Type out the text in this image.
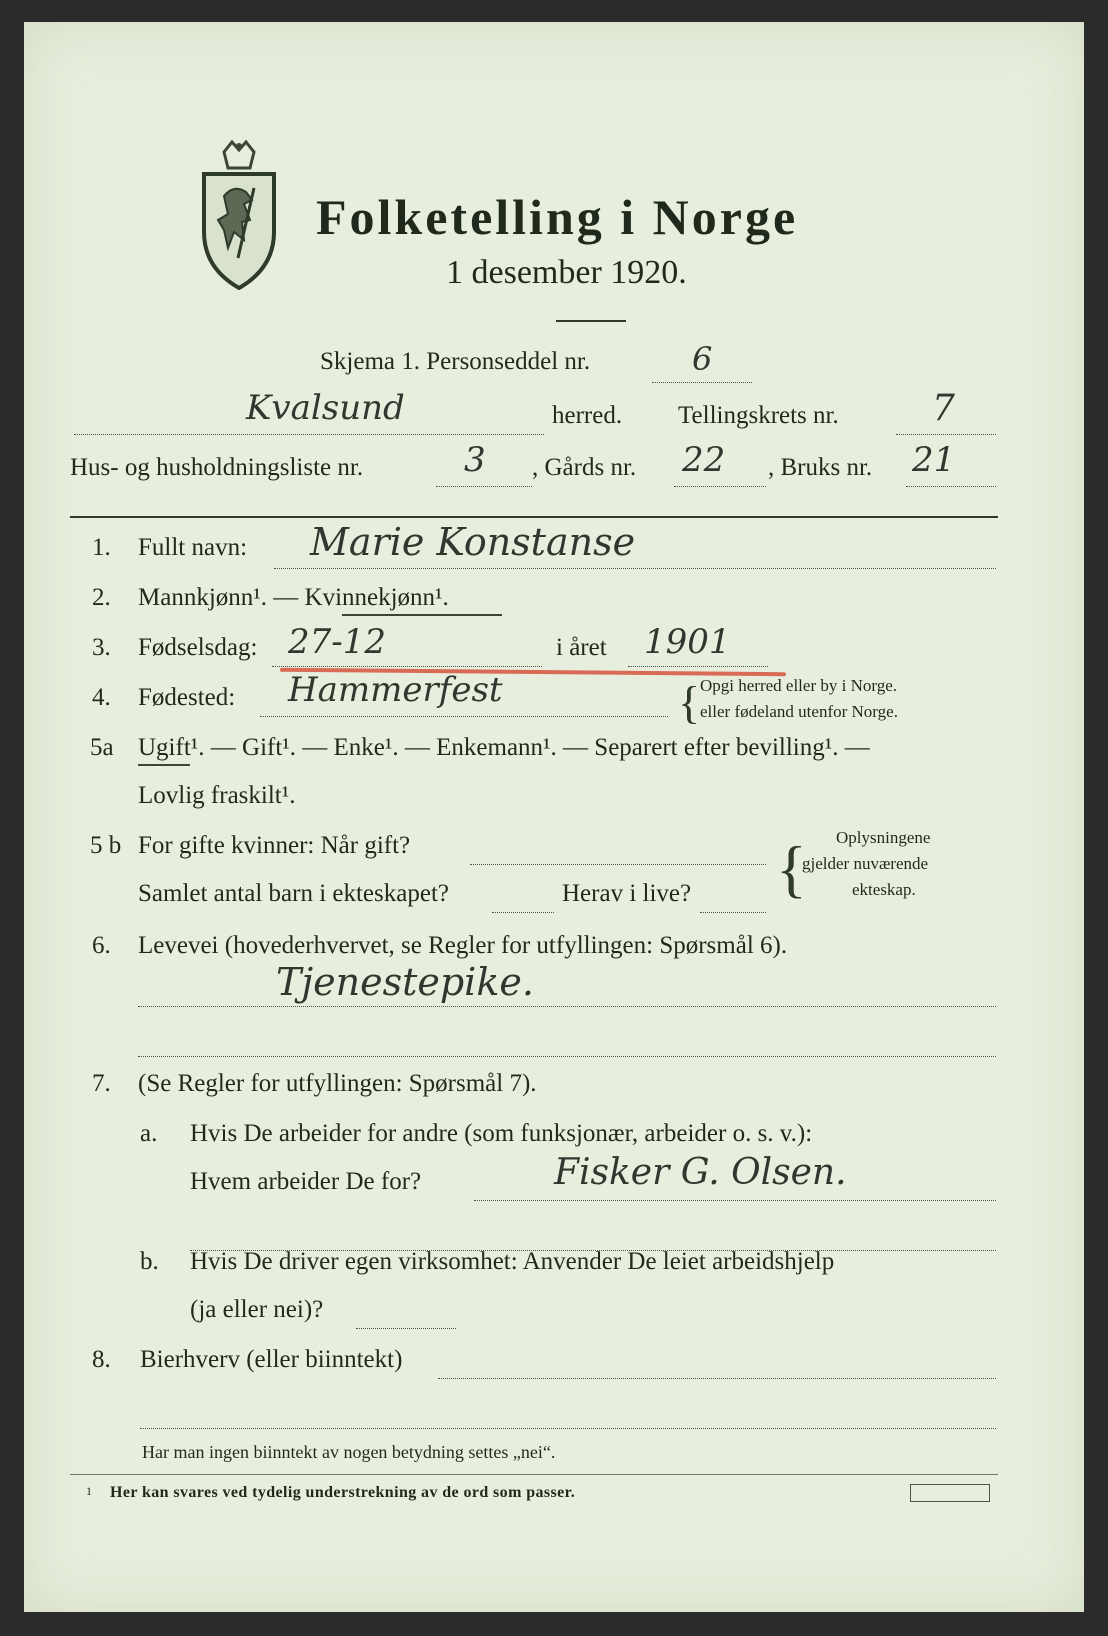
Folketelling i Norge
1 desember 1920.
Skjema 1. Personseddel nr.	6
Kvalsund	herred. Tellingskrets nr.	7
Hus- og husholdningsliste nr.	3 , Gårds nr. 22 , Bruks nr. 21
1. Fullt navn: Marie Konstanse
2. Mannkjønn¹. — Kvinnekjønn¹.
3. Fødselsdag: 27-12	i året 1901
4. Fødested: Hammerfest	{ Opgi herred eller by i Norge.
eller fødeland utenfor Norge.
5a Ugift¹. — Gift¹. — Enke¹. — Enkemann¹. — Separert efter bevilling¹. —
Lovlig fraskilt¹.
5 b For gifte kvinner: Når gift?
Samlet antal barn i ekteskapet?	Herav i live? { Oplysningene
gjelder nuværende
ekteskap.
6. Levevei (hovederhvervet, se Regler for utfyllingen: Spørsmål 6).
Tjenestepike.
7. (Se Regler for utfyllingen: Spørsmål 7).
a. Hvis De arbeider for andre (som funksjonær, arbeider o. s. v.):
Hvem arbeider De for?	Fisker G. Olsen.
b. Hvis De driver egen virksomhet: Anvender De leiet arbeidshjelp
(ja eller nei)?
8. Bierhverv (eller biinntekt)
Har man ingen biinntekt av nogen betydning settes „nei“.
1 Her kan svares ved tydelig understrekning av de ord som passer.
